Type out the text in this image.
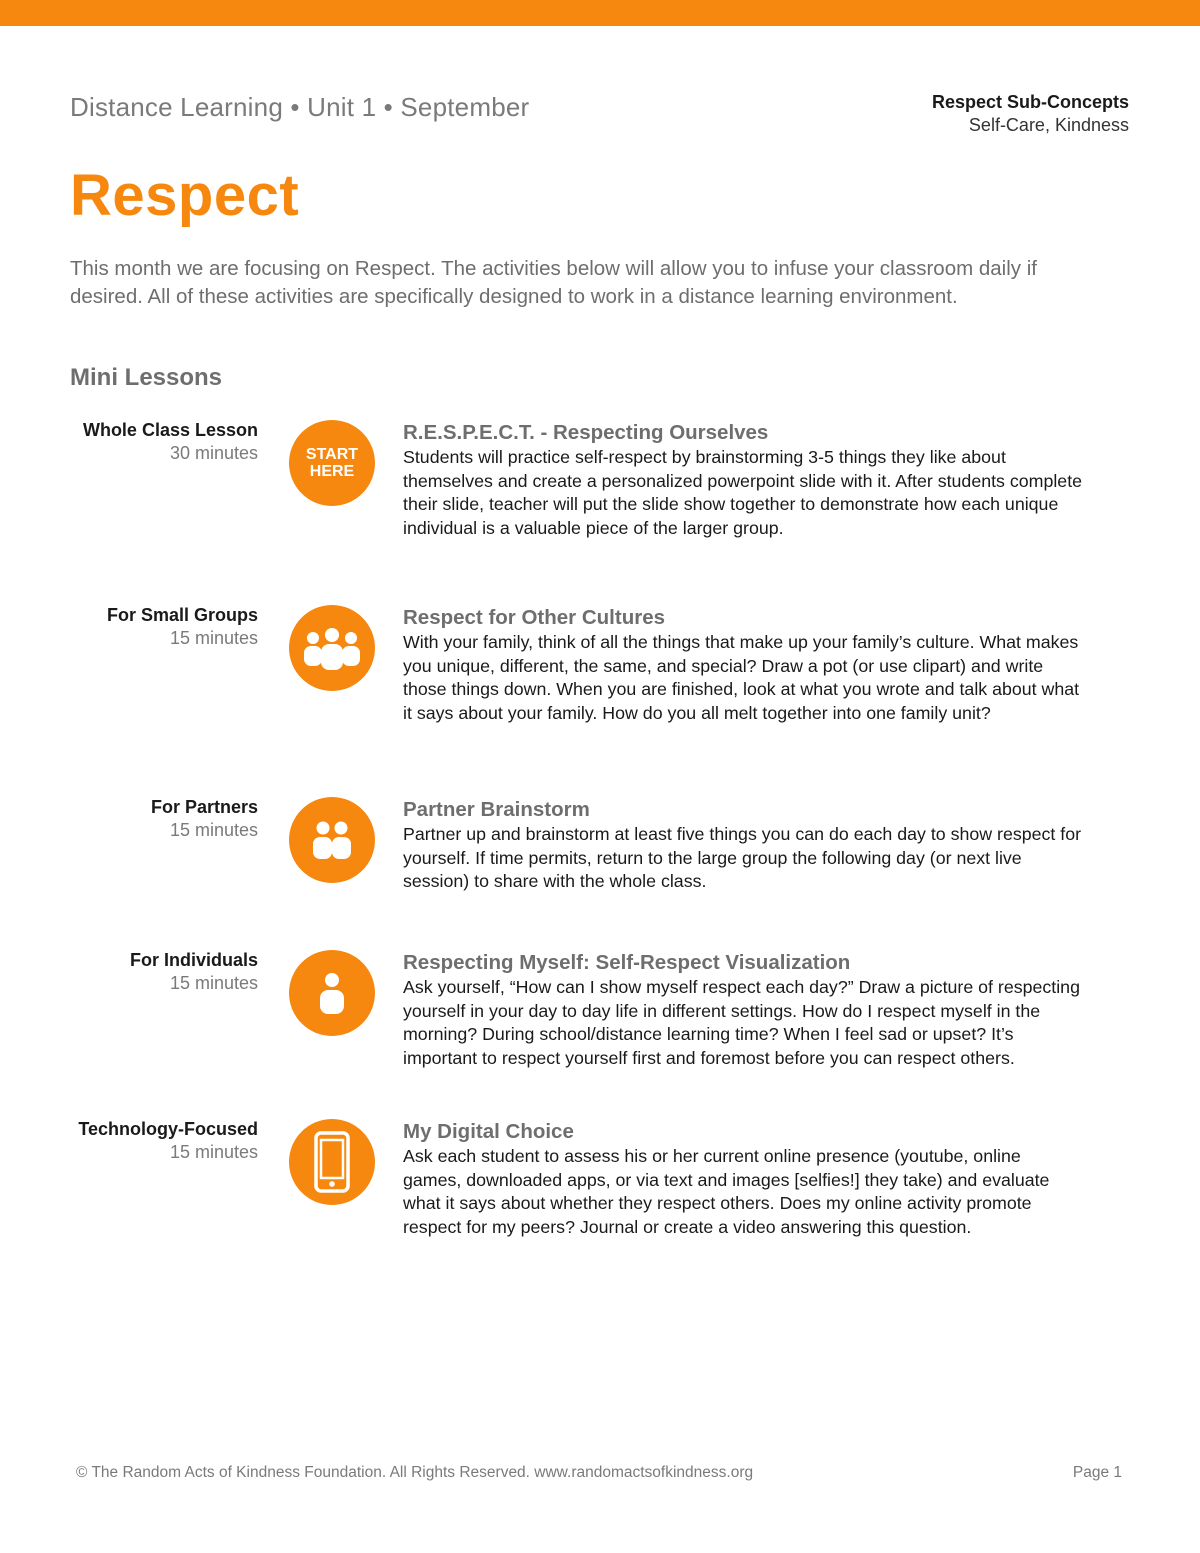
Distance Learning • Unit 1 • September	Respect Sub-Concepts
Self-Care, Kindness
Respect
This month we are focusing on Respect. The activities below will allow you to infuse your classroom daily if desired. All of these activities are specifically designed to work in a distance learning environment.
Mini Lessons
Whole Class Lesson
30 minutes	START
HERE
R.E.S.P.E.C.T. - Respecting Ourselves
Students will practice self-respect by brainstorming 3-5 things they like about themselves and create a personalized powerpoint slide with it. After students complete their slide, teacher will put the slide show together to demonstrate how each unique individual is a valuable piece of the larger group.
For Small Groups
15 minutes
Respect for Other Cultures
With your family, think of all the things that make up your family’s culture. What makes you unique, different, the same, and special? Draw a pot (or use clipart) and write those things down. When you are finished, look at what you wrote and talk about what it says about your family. How do you all melt together into one family unit?
For Partners
15 minutes
Partner Brainstorm
Partner up and brainstorm at least five things you can do each day to show respect for yourself. If time permits, return to the large group the following day (or next live session) to share with the whole class.
For Individuals
15 minutes
Respecting Myself: Self-Respect Visualization
Ask yourself, “How can I show myself respect each day?” Draw a picture of respecting yourself in your day to day life in different settings. How do I respect myself in the morning? During school/distance learning time? When I feel sad or upset? It’s important to respect yourself first and foremost before you can respect others.
Technology-Focused
15 minutes
My Digital Choice
Ask each student to assess his or her current online presence (youtube, online games, downloaded apps, or via text and images [selfies!] they take) and evaluate what it says about whether they respect others. Does my online activity promote respect for my peers? Journal or create a video answering this question.
© The Random Acts of Kindness Foundation. All Rights Reserved. www.randomactsofkindness.org	Page 1
